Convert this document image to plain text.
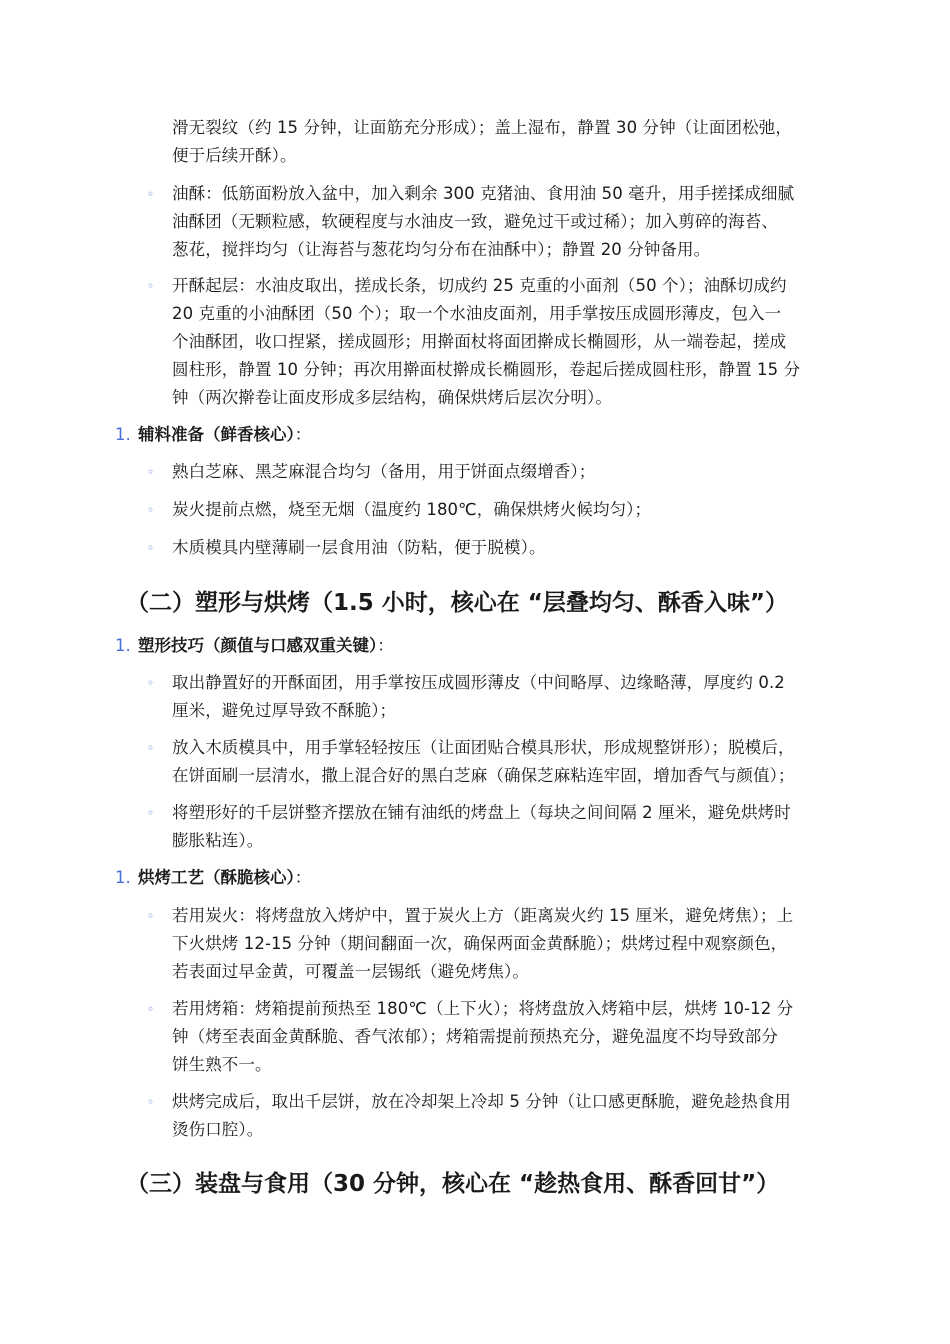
滑无裂纹（约 15 分钟，让面筋充分形成）；盖上湿布，静置 30 分钟（让面团松弛，
便于后续开酥）。
◦ 油酥：低筋面粉放入盆中，加入剩余 300 克猪油、食用油 50 毫升，用手搓揉成细腻
油酥团（无颗粒感，软硬程度与水油皮一致，避免过干或过稀）；加入剪碎的海苔、
葱花，搅拌均匀（让海苔与葱花均匀分布在油酥中）；静置 20 分钟备用。
◦ 开酥起层：水油皮取出，搓成长条，切成约 25 克重的小面剂（50 个）；油酥切成约
20 克重的小油酥团（50 个）；取一个水油皮面剂，用手掌按压成圆形薄皮，包入一
个油酥团，收口捏紧，搓成圆形；用擀面杖将面团擀成长椭圆形，从一端卷起，搓成
圆柱形，静置 10 分钟；再次用擀面杖擀成长椭圆形，卷起后搓成圆柱形，静置 15 分
钟（两次擀卷让面皮形成多层结构，确保烘烤后层次分明）。
1. 辅料准备（鲜香核心）：
◦ 熟白芝麻、黑芝麻混合均匀（备用，用于饼面点缀增香）；
◦ 炭火提前点燃，烧至无烟（温度约 180℃，确保烘烤火候均匀）；
◦ 木质模具内壁薄刷一层食用油（防粘，便于脱模）。
（二）塑形与烘烤（1.5 小时，核心在 “层叠均匀、酥香入味”）
1. 塑形技巧（颜值与口感双重关键）：
◦ 取出静置好的开酥面团，用手掌按压成圆形薄皮（中间略厚、边缘略薄，厚度约 0.2
厘米，避免过厚导致不酥脆）；
◦ 放入木质模具中，用手掌轻轻按压（让面团贴合模具形状，形成规整饼形）；脱模后，
在饼面刷一层清水，撒上混合好的黑白芝麻（确保芝麻粘连牢固，增加香气与颜值）；
◦ 将塑形好的千层饼整齐摆放在铺有油纸的烤盘上（每块之间间隔 2 厘米，避免烘烤时
膨胀粘连）。
1. 烘烤工艺（酥脆核心）：
◦ 若用炭火：将烤盘放入烤炉中，置于炭火上方（距离炭火约 15 厘米，避免烤焦）；上
下火烘烤 12-15 分钟（期间翻面一次，确保两面金黄酥脆）；烘烤过程中观察颜色，
若表面过早金黄，可覆盖一层锡纸（避免烤焦）。
◦ 若用烤箱：烤箱提前预热至 180℃（上下火）；将烤盘放入烤箱中层，烘烤 10-12 分
钟（烤至表面金黄酥脆、香气浓郁）；烤箱需提前预热充分，避免温度不均导致部分
饼生熟不一。
◦ 烘烤完成后，取出千层饼，放在冷却架上冷却 5 分钟（让口感更酥脆，避免趁热食用
烫伤口腔）。
（三）装盘与食用（30 分钟，核心在 “趁热食用、酥香回甘”）
